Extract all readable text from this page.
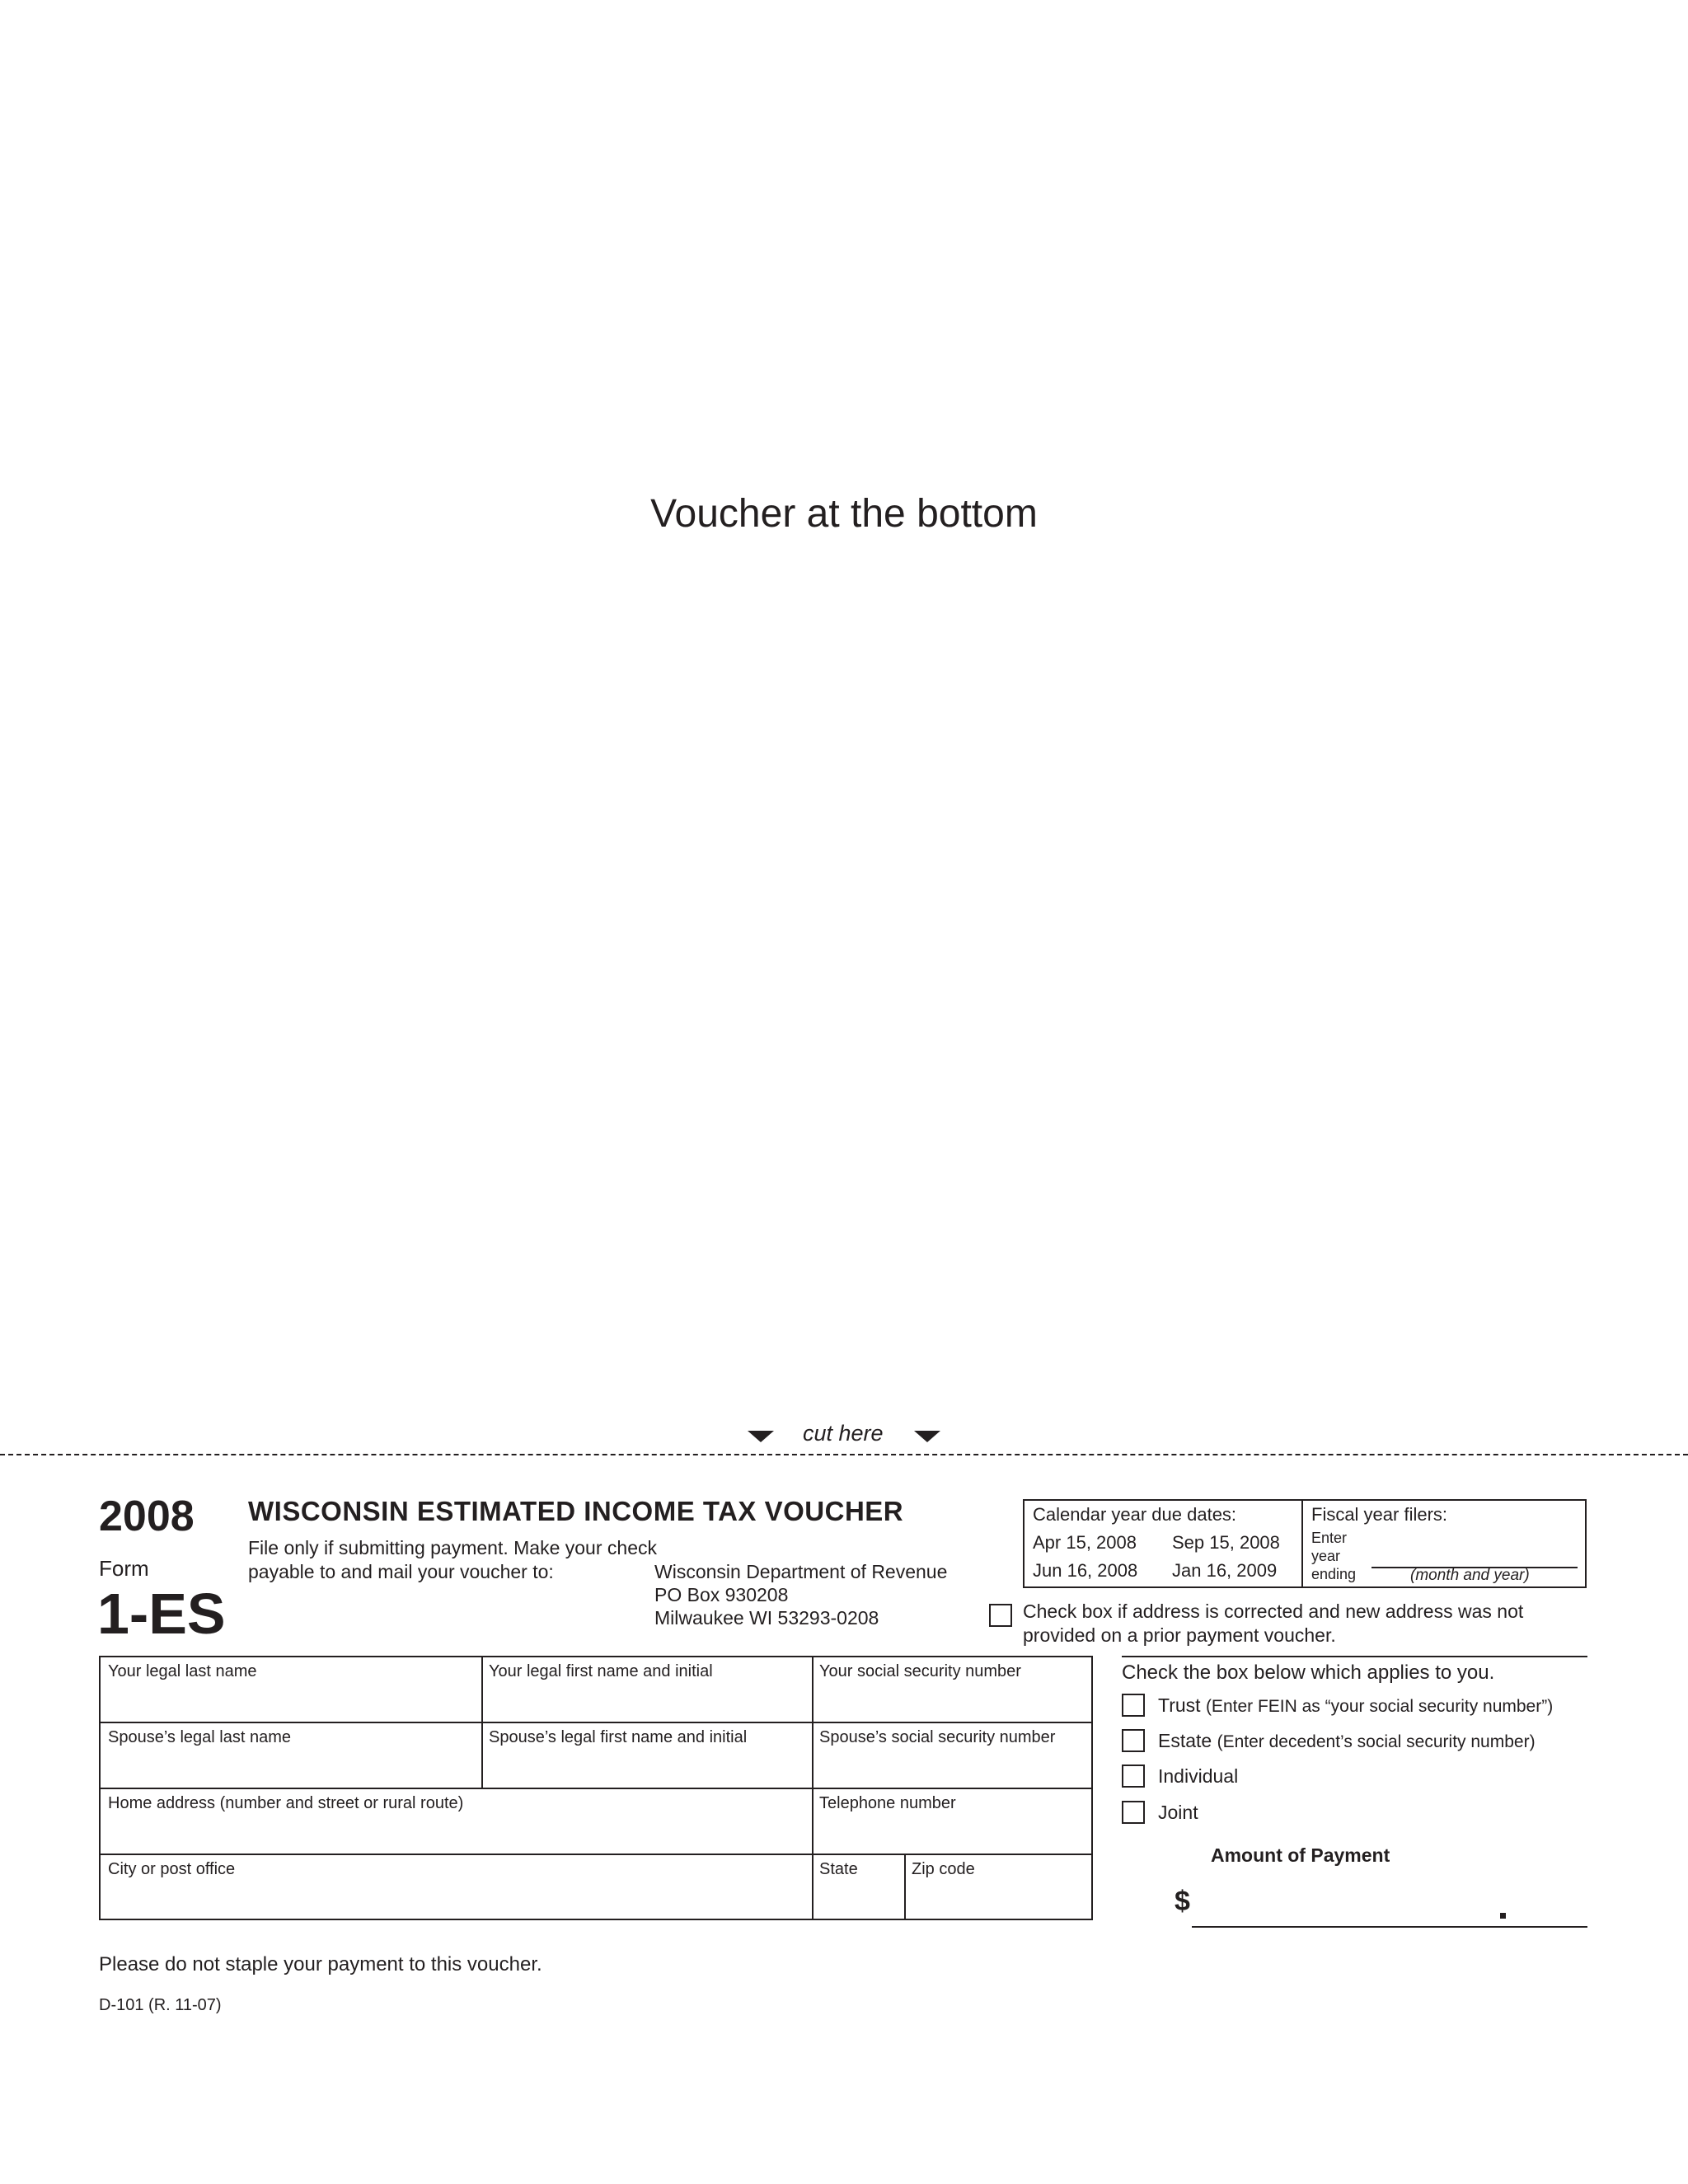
Voucher at the bottom
cut here
2008
Form
1-ES
WISCONSIN ESTIMATED INCOME TAX VOUCHER
File only if submitting payment. Make your check payable to and mail your voucher to:	Wisconsin Department of Revenue
PO Box 930208
Milwaukee WI 53293-0208
Calendar year due dates:
Apr 15, 2008 Sep 15, 2008
Jun 16, 2008 Jan 16, 2009
Fiscal year filers:
Enter
year
ending	(month and year)
Check box if address is corrected and new address was not provided on a prior payment voucher.
Your legal last name	Your legal first name and initial	Your social security number
Spouse’s legal last name	Spouse’s legal first name and initial	Spouse’s social security number
Home address (number and street or rural route)	Telephone number
City or post office	State	Zip code
Check the box below which applies to you.
Trust (Enter FEIN as “your social security number”)
Estate (Enter decedent’s social security number)
Individual
Joint
Amount of Payment
$
Please do not staple your payment to this voucher.
D-101 (R. 11-07)
